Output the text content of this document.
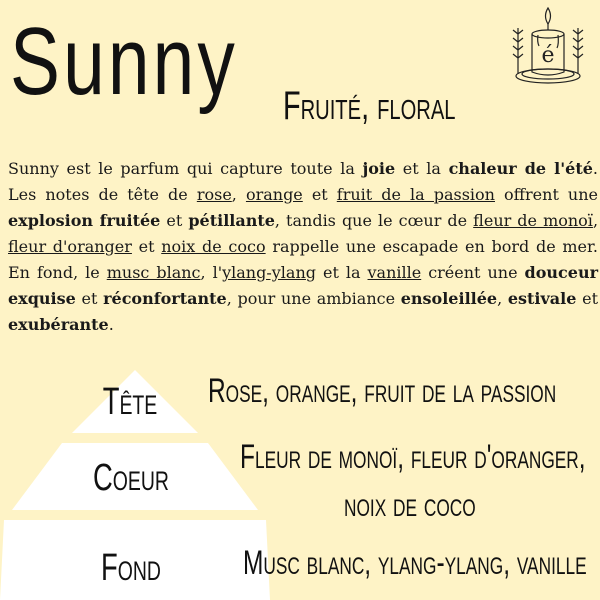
Sunny Fruité, floral
é

Sunny est le parfum qui capture toute la joie et la chaleur de l'été. Les notes de tête de rose, orange et fruit de la passion offrent une explosion fruitée et pétillante, tandis que le cœur de fleur de monoï, fleur d'oranger et noix de coco rappelle une escapade en bord de mer. En fond, le musc blanc, l'ylang-ylang et la vanille créent une douceur exquise et réconfortante, pour une ambiance ensoleillée, estivale et exubérante.

Tête
Coeur
Fond
Rose, orange, fruit de la passion
Fleur de monoï, fleur d'oranger,
noix de coco
Musc blanc, ylang-ylang, vanille
